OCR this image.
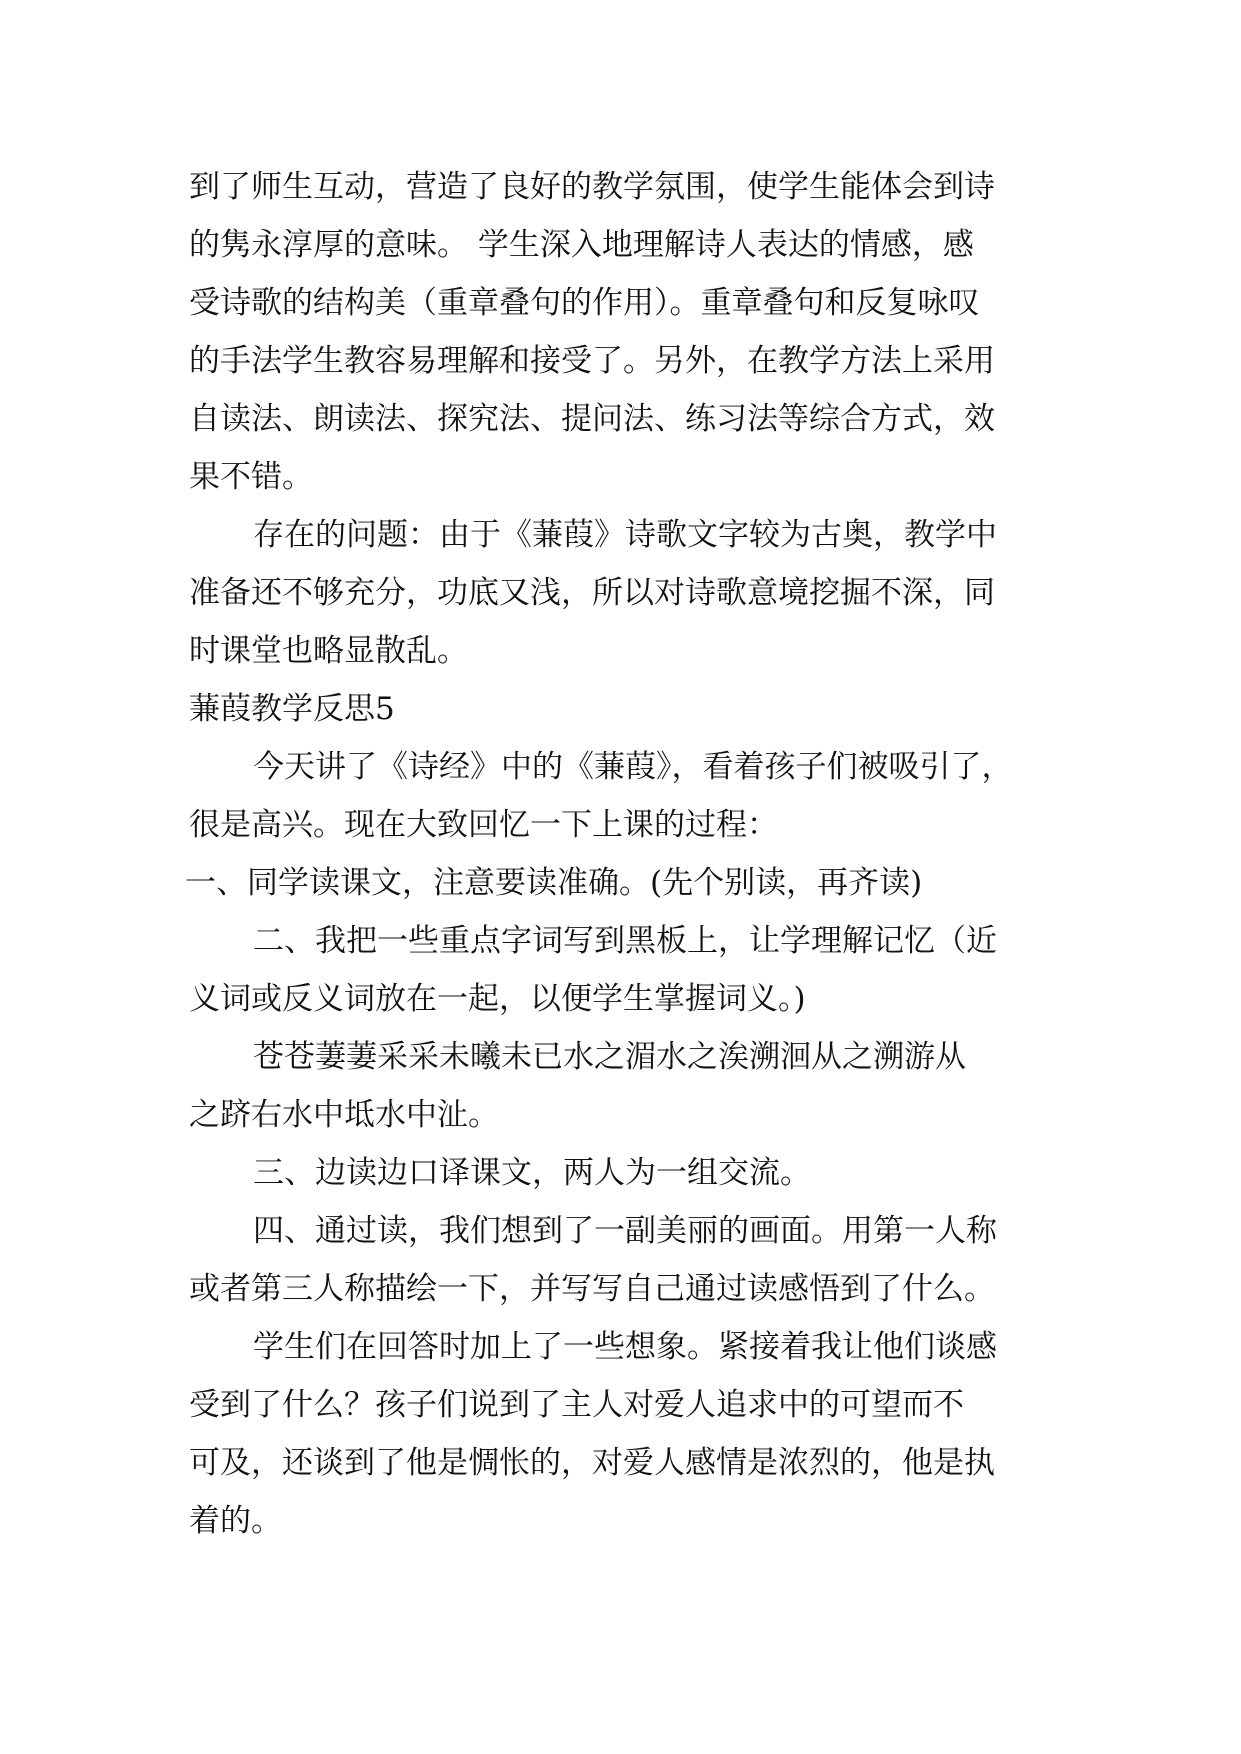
到了师生互动，营造了良好的教学氛围，使学生能体会到诗
的隽永淳厚的意味。 学生深入地理解诗人表达的情感，感
受诗歌的结构美（重章叠句的作用）。重章叠句和反复咏叹
的手法学生教容易理解和接受了。另外，在教学方法上采用
自读法、朗读法、探究法、提问法、练习法等综合方式，效
果不错。
存在的问题：由于《蒹葭》诗歌文字较为古奥，教学中
准备还不够充分，功底又浅，所以对诗歌意境挖掘不深，同
时课堂也略显散乱。
蒹葭教学反思5
今天讲了《诗经》中的《蒹葭》，看着孩子们被吸引了，
很是高兴。现在大致回忆一下上课的过程：
一、同学读课文，注意要读准确。(先个别读，再齐读)
二、我把一些重点字词写到黑板上，让学理解记忆（近
义词或反义词放在一起，以便学生掌握词义。)
苍苍萋萋采采未曦未已水之湄水之涘溯洄从之溯游从
之跻右水中坻水中沚。
三、边读边口译课文，两人为一组交流。
四、通过读，我们想到了一副美丽的画面。用第一人称
或者第三人称描绘一下，并写写自己通过读感悟到了什么。
学生们在回答时加上了一些想象。紧接着我让他们谈感
受到了什么？孩子们说到了主人对爱人追求中的可望而不
可及，还谈到了他是惆怅的，对爱人感情是浓烈的，他是执
着的。
